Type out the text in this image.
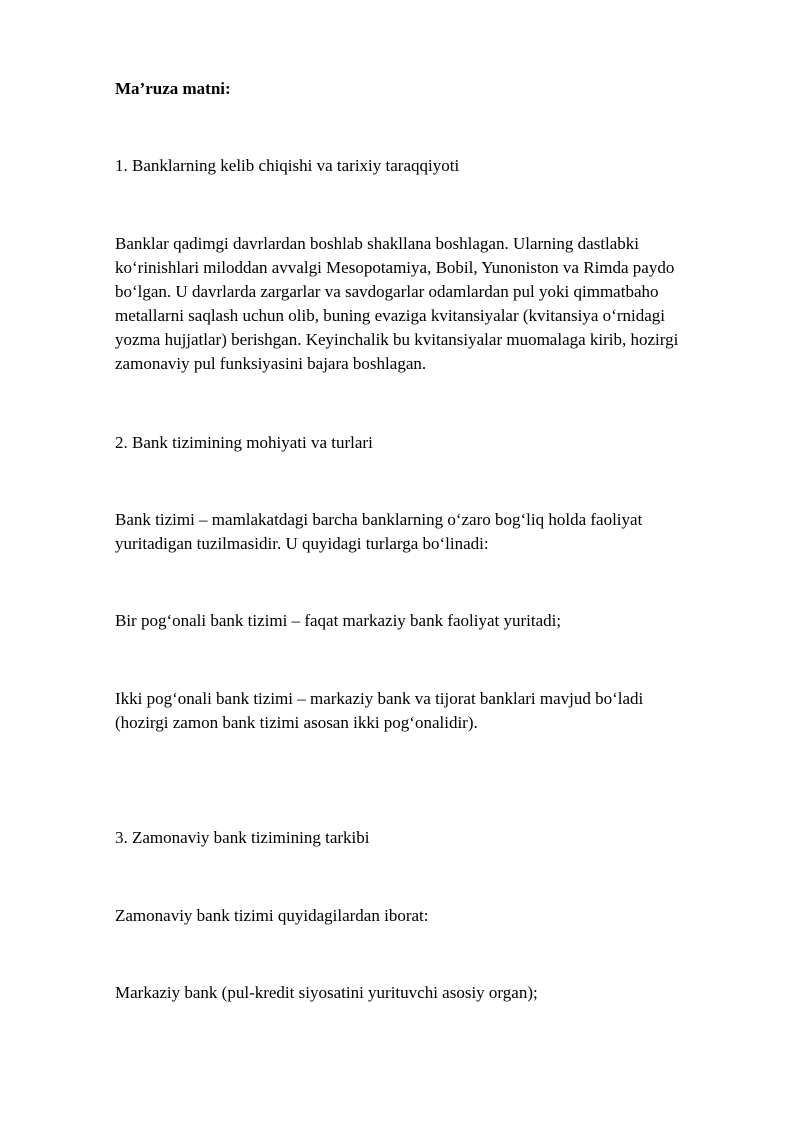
Ma’ruza matni:

1. Banklarning kelib chiqishi va tarixiy taraqqiyoti

Banklar qadimgi davrlardan boshlab shakllana boshlagan. Ularning dastlabki
ko‘rinishlari miloddan avvalgi Mesopotamiya, Bobil, Yunoniston va Rimda paydo
bo‘lgan. U davrlarda zargarlar va savdogarlar odamlardan pul yoki qimmatbaho
metallarni saqlash uchun olib, buning evaziga kvitansiyalar (kvitansiya o‘rnidagi
yozma hujjatlar) berishgan. Keyinchalik bu kvitansiyalar muomalaga kirib, hozirgi
zamonaviy pul funksiyasini bajara boshlagan.

2. Bank tizimining mohiyati va turlari

Bank tizimi – mamlakatdagi barcha banklarning o‘zaro bog‘liq holda faoliyat
yuritadigan tuzilmasidir. U quyidagi turlarga bo‘linadi:

Bir pog‘onali bank tizimi – faqat markaziy bank faoliyat yuritadi;

Ikki pog‘onali bank tizimi – markaziy bank va tijorat banklari mavjud bo‘ladi
(hozirgi zamon bank tizimi asosan ikki pog‘onalidir).

3. Zamonaviy bank tizimining tarkibi

Zamonaviy bank tizimi quyidagilardan iborat:

Markaziy bank (pul-kredit siyosatini yurituvchi asosiy organ);
